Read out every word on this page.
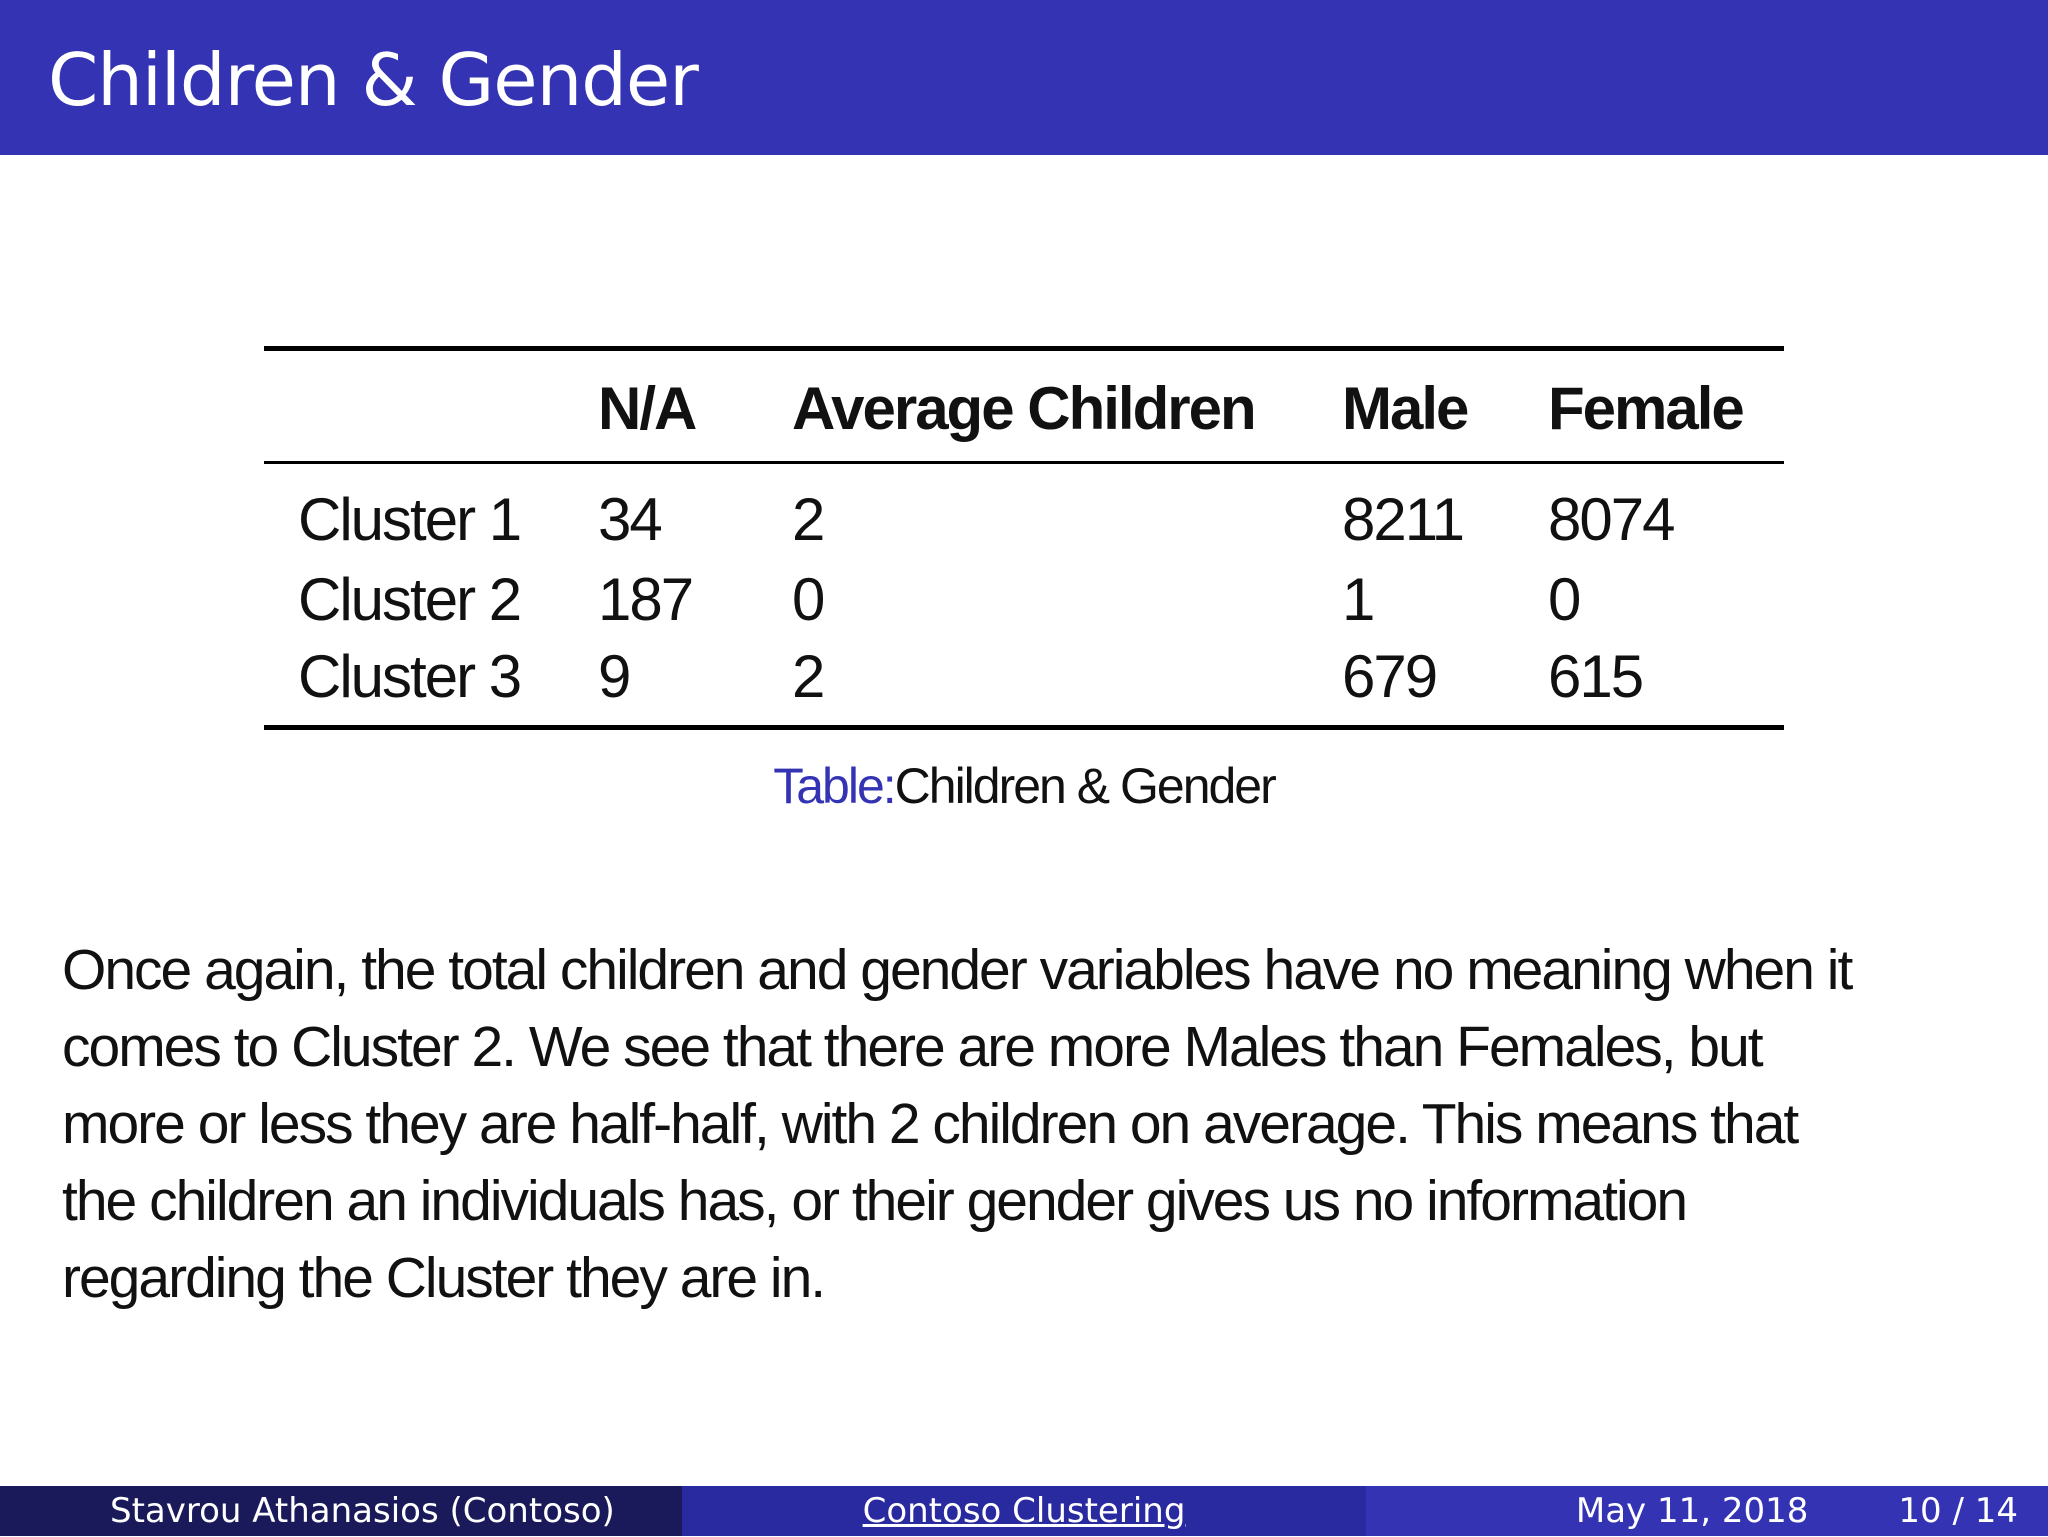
Children & Gender
	N/A	Average Children	Male	Female
Cluster 1	34	2	8211	8074
Cluster 2	187	0	1	0
Cluster 3	9	2	679	615
Table:Children & Gender
Once again, the total children and gender variables have no meaning when it
comes to Cluster 2. We see that there are more Males than Females, but
more or less they are half-half, with 2 children on average. This means that
the children an individuals has, or their gender gives us no information
regarding the Cluster they are in.
Stavrou Athanasios (Contoso)	Contoso Clustering	May 11, 2018	10 / 14
